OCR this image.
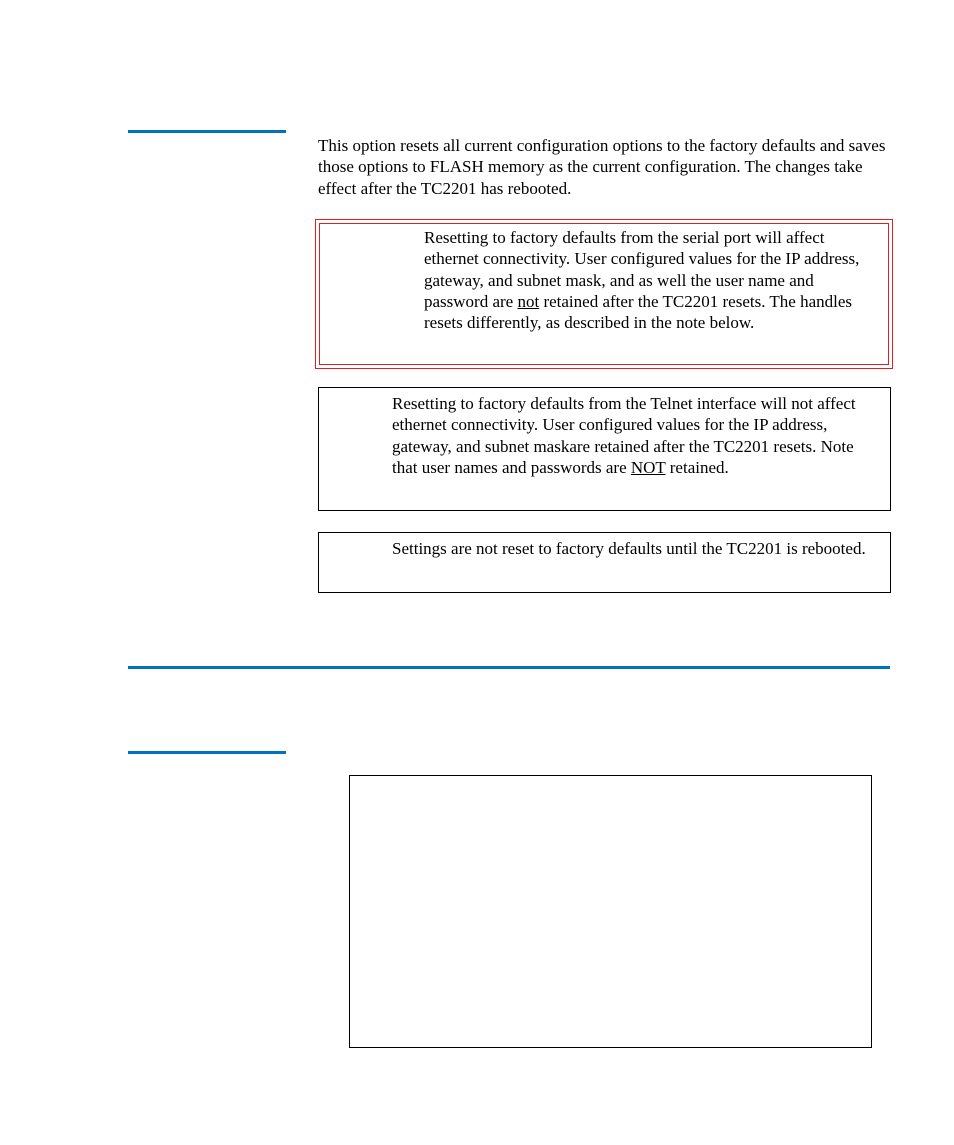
This option resets all current configuration options to the factory defaults and saves those options to FLASH memory as the current configuration. The changes take effect after the TC2201 has rebooted.

Resetting to factory defaults from the serial port will affect ethernet connectivity. User configured values for the IP address, gateway, and subnet mask, and as well the user name and password are not retained after the TC2201 resets. The handles resets differently, as described in the note below.

Resetting to factory defaults from the Telnet interface will not affect ethernet connectivity. User configured values for the IP address, gateway, and subnet maskare retained after the TC2201 resets. Note that user names and passwords are NOT retained.

Settings are not reset to factory defaults until the TC2201 is rebooted.
